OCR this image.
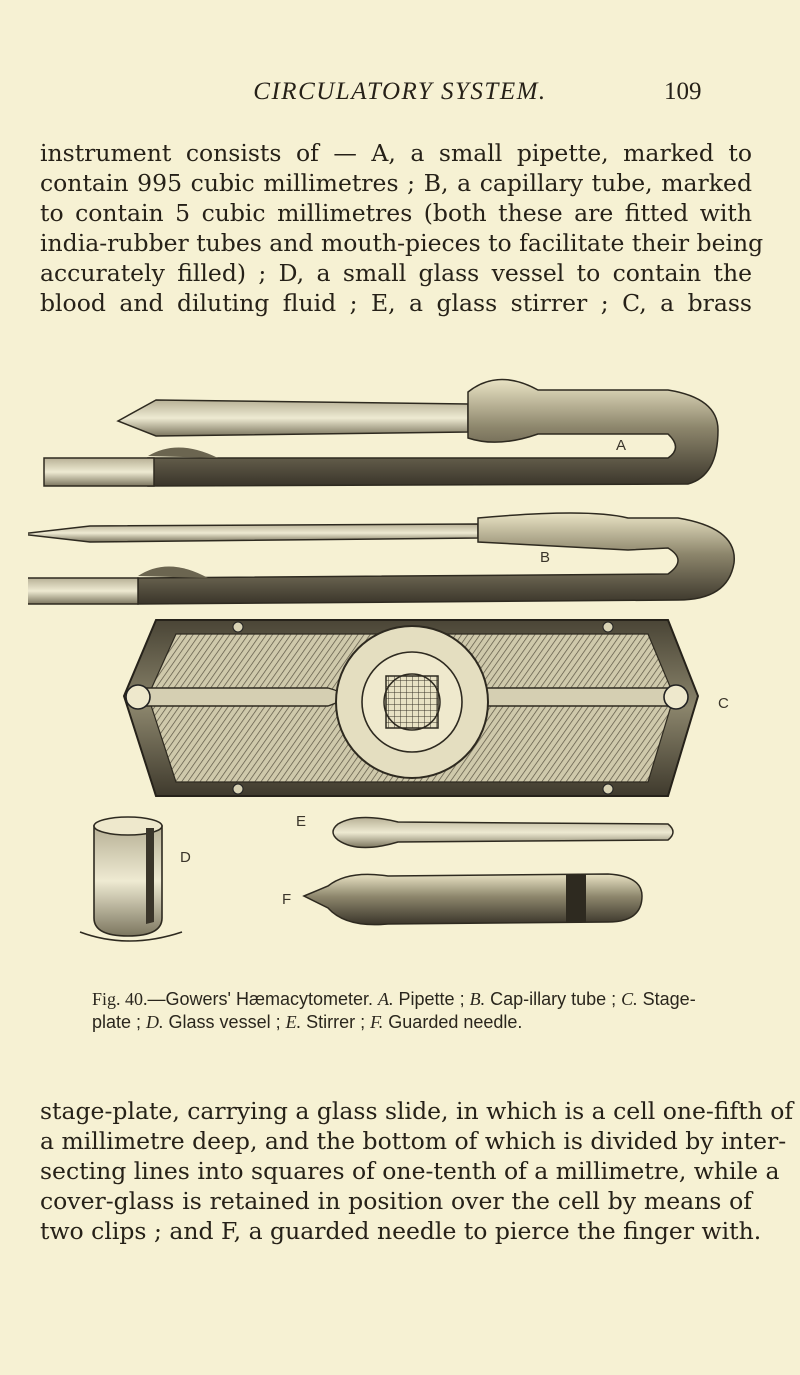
CIRCULATORY SYSTEM.	109
instrument consists of — A, a small pipette, marked to
contain 995 cubic millimetres ; B, a capillary tube, marked
to contain 5 cubic millimetres (both these are fitted with
india-rubber tubes and mouth-pieces to facilitate their being
accurately filled) ; D, a small glass vessel to contain the
blood and diluting fluid ; E, a glass stirrer ; C, a brass
A
B
C
D
E
F
Fig. 40.—Gowers' Hæmacytometer. A. Pipette ; B. Cap-illary tube ; C. Stage-plate ; D. Glass vessel ; E. Stirrer ; F. Guarded needle.
stage-plate, carrying a glass slide, in which is a cell one-fifth of
a millimetre deep, and the bottom of which is divided by inter-
secting lines into squares of one-tenth of a millimetre, while a
cover-glass is retained in position over the cell by means of
two clips ; and F, a guarded needle to pierce the finger with.
